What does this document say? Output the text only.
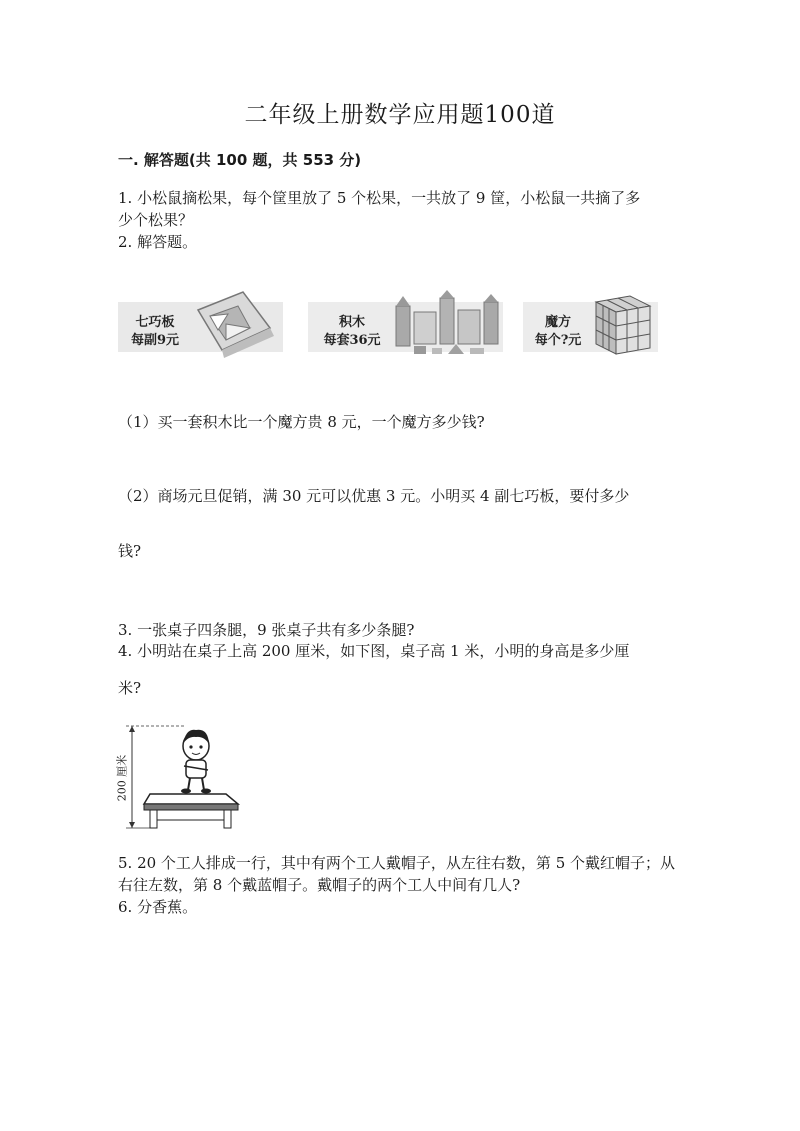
二年级上册数学应用题100道
一. 解答题(共 100 题，共 553 分)
1. 小松鼠摘松果，每个筐里放了 5 个松果，一共放了 9 筐，小松鼠一共摘了多
少个松果？
2. 解答题。
七巧板
每副9元
积木
每套36元
魔方
每个?元
（1）买一套积木比一个魔方贵 8 元，一个魔方多少钱?
（2）商场元旦促销，满 30 元可以优惠 3 元。小明买 4 副七巧板，要付多少
钱?
3. 一张桌子四条腿，9 张桌子共有多少条腿?
4. 小明站在桌子上高 200 厘米，如下图，桌子高 1 米，小明的身高是多少厘
米?
200 厘米
5. 20 个工人排成一行，其中有两个工人戴帽子，从左往右数，第 5 个戴红帽子；从
右往左数，第 8 个戴蓝帽子。戴帽子的两个工人中间有几人?
6. 分香蕉。
